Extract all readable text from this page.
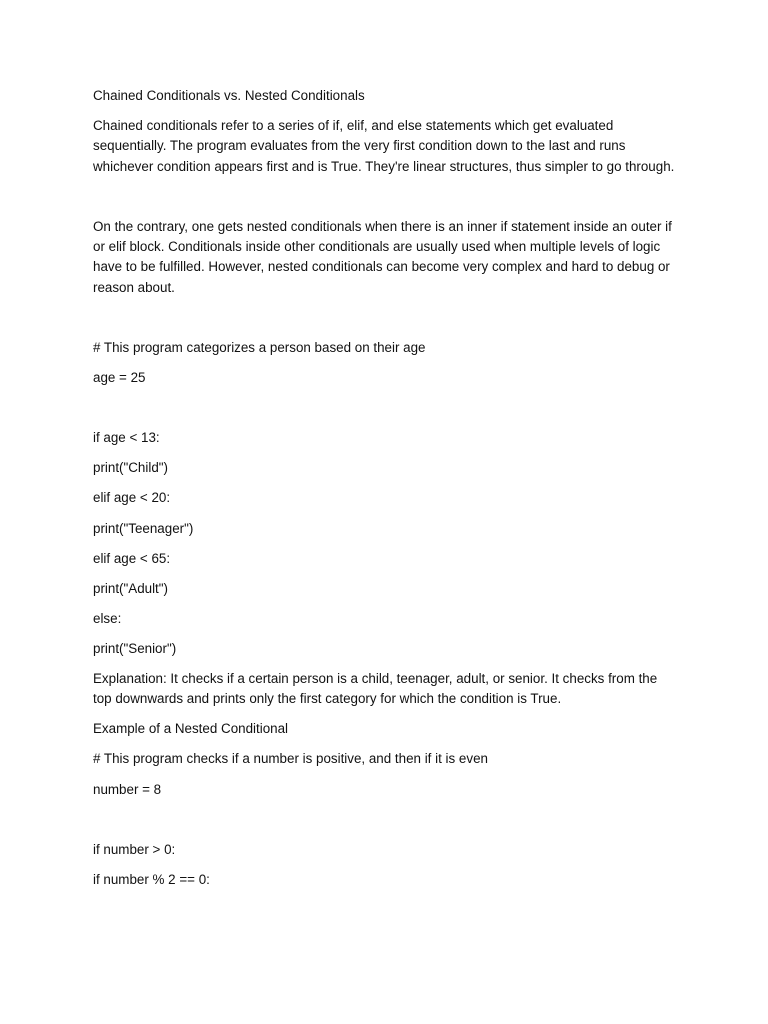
Chained Conditionals vs. Nested Conditionals

Chained conditionals refer to a series of if, elif, and else statements which get evaluated sequentially. The program evaluates from the very first condition down to the last and runs whichever condition appears first and is True. They're linear structures, thus simpler to go through.

On the contrary, one gets nested conditionals when there is an inner if statement inside an outer if or elif block. Conditionals inside other conditionals are usually used when multiple levels of logic have to be fulfilled. However, nested conditionals can become very complex and hard to debug or reason about.

# This program categorizes a person based on their age

age = 25

if age < 13:

print("Child")

elif age < 20:

print("Teenager")

elif age < 65:

print("Adult")

else:

print("Senior")

Explanation: It checks if a certain person is a child, teenager, adult, or senior. It checks from the top downwards and prints only the first category for which the condition is True.

Example of a Nested Conditional

# This program checks if a number is positive, and then if it is even

number = 8

if number > 0:

if number % 2 == 0:
